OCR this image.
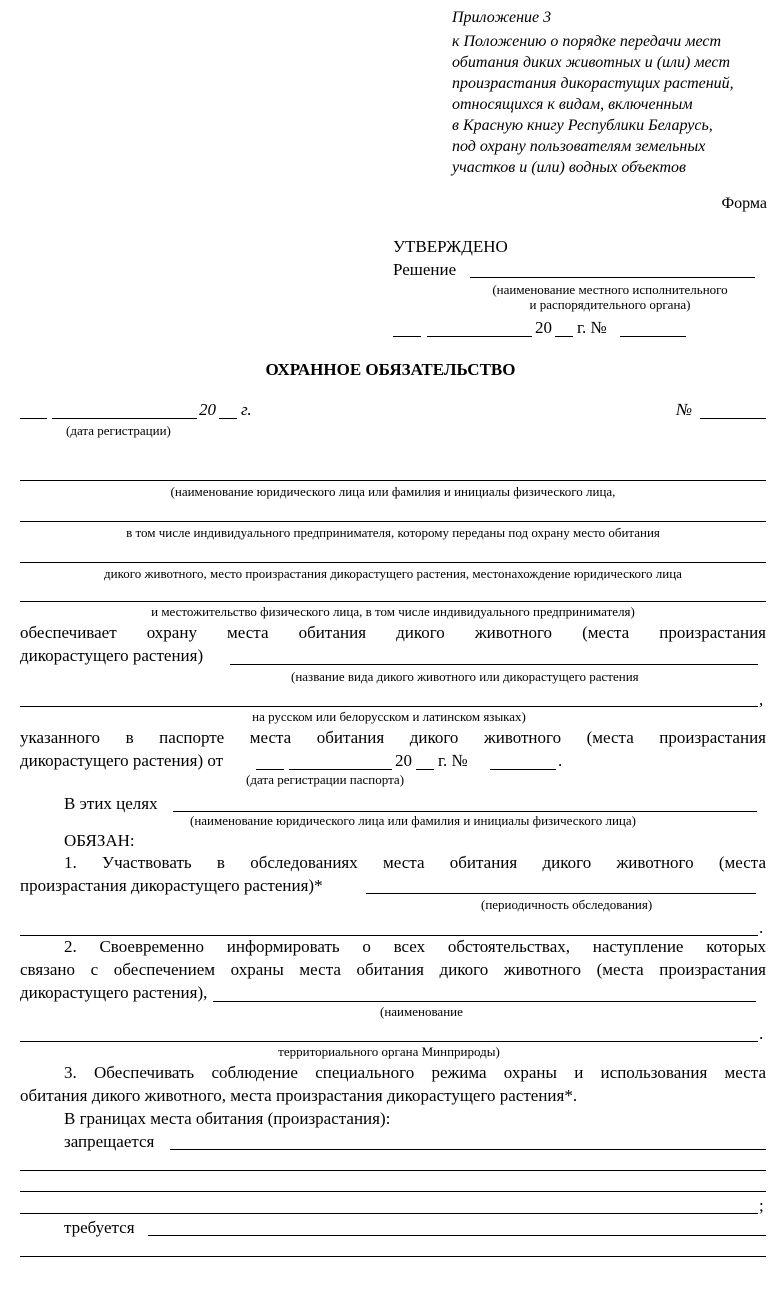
Приложение 3
к Положению о порядке передачи мест
обитания диких животных и (или) мест
произрастания дикорастущих растений,
относящихся к видам, включенным
в Красную книгу Республики Беларусь,
под охрану пользователям земельных
участков и (или) водных объектов
Форма
УТВЕРЖДЕНО
Решение
(наименование местного исполнительного
и распорядительного органа)
20 г. №
ОХРАННОЕ ОБЯЗАТЕЛЬСТВО
20 г.	№
(дата регистрации)
(наименование юридического лица или фамилия и инициалы физического лица,
в том числе индивидуального предпринимателя, которому переданы под охрану место обитания
дикого животного, место произрастания дикорастущего растения, местонахождение юридического лица
и местожительство физического лица, в том числе индивидуального предпринимателя)
обеспечивает охрану места обитания дикого животного (места произрастания
дикорастущего растения)
(название вида дикого животного или дикорастущего растения
,
на русском или белорусском и латинском языках)
указанного в паспорте места обитания дикого животного (места произрастания
дикорастущего растения) от	20 г. №	.
(дата регистрации паспорта)
В этих целях
(наименование юридического лица или фамилия и инициалы физического лица)
ОБЯЗАН:
1. Участвовать в обследованиях места обитания дикого животного (места
произрастания дикорастущего растения)*
(периодичность обследования)
.
2. Своевременно информировать о всех обстоятельствах, наступление которых
связано с обеспечением охраны места обитания дикого животного (места произрастания
дикорастущего растения),
(наименование
.
территориального органа Минприроды)
3. Обеспечивать соблюдение специального режима охраны и использования места
обитания дикого животного, места произрастания дикорастущего растения*.
В границах места обитания (произрастания):
запрещается
;
требуется
